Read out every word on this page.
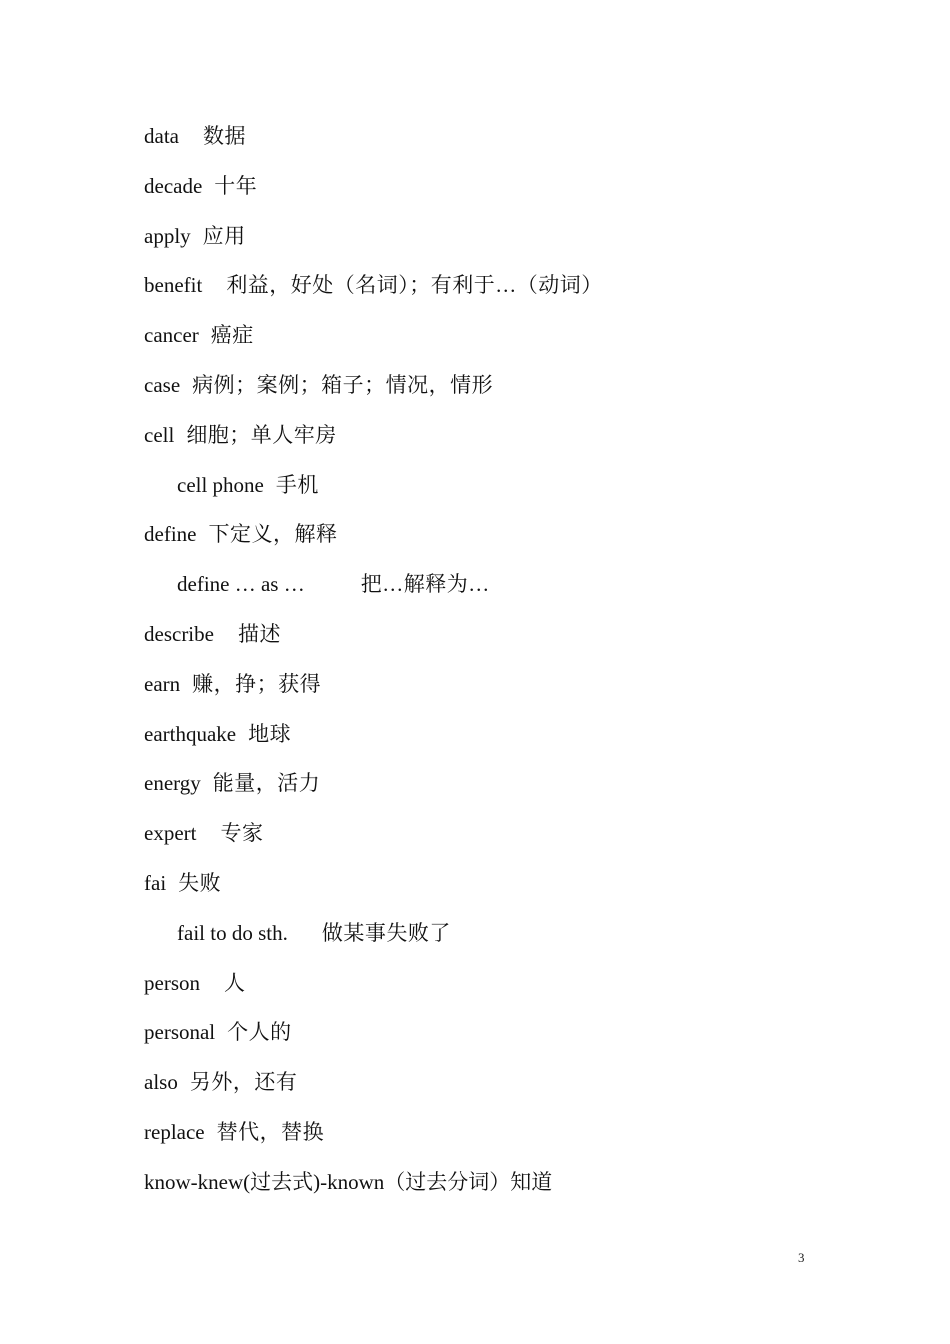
data 数据
decade 十年
apply 应用
benefit 利益，好处（名词）；有利于…（动词）
cancer 癌症
case 病例；案例；箱子；情况，情形
cell 细胞；单人牢房
cell phone 手机
define 下定义，解释
define … as …	把…解释为…
describe 描述
earn 赚，挣；获得
earthquake 地球
energy 能量，活力
expert 专家
fai 失败
fail to do sth. 做某事失败了
person 人
personal 个人的
also 另外，还有
replace 替代，替换
know-knew(过去式)-known（过去分词）知道
3
